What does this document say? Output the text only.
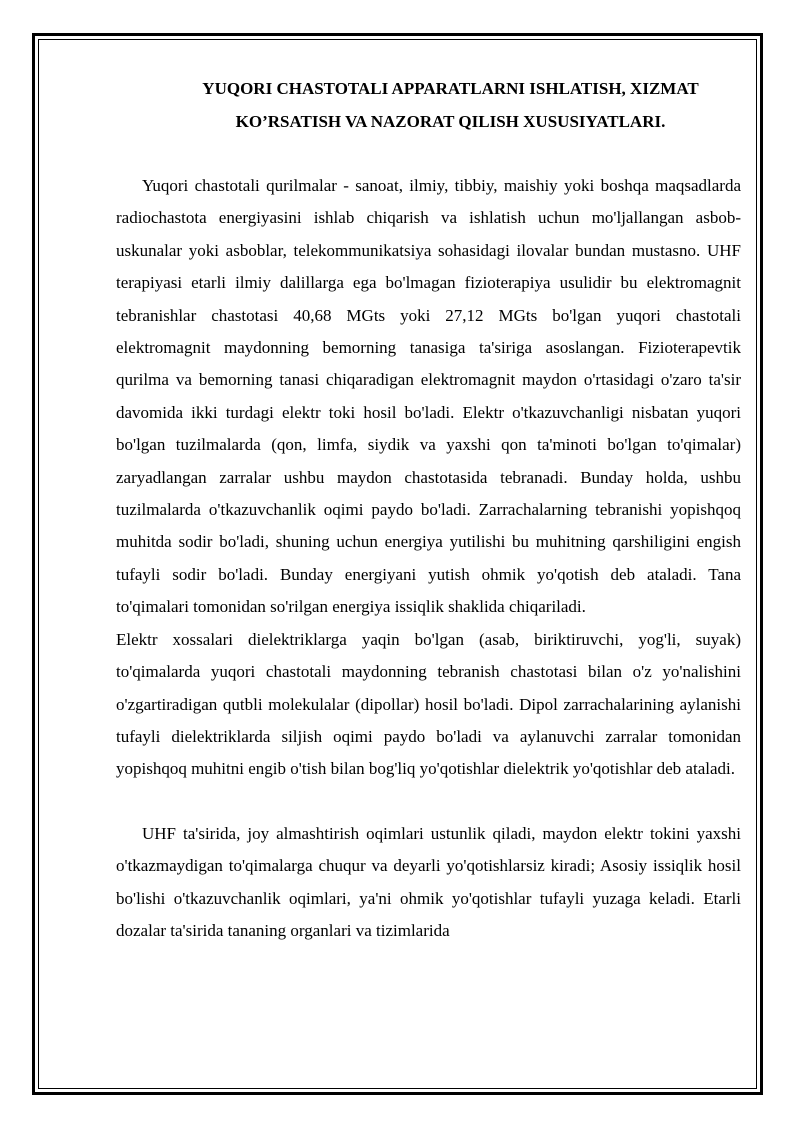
YUQORI CHASTOTALI APPARATLARNI ISHLATISH, XIZMAT
KO’RSATISH VA NAZORAT QILISH XUSUSIYATLARI.

Yuqori chastotali qurilmalar - sanoat, ilmiy, tibbiy, maishiy yoki boshqa maqsadlarda radiochastota energiyasini ishlab chiqarish va ishlatish uchun mo'ljallangan asbob-uskunalar yoki asboblar, telekommunikatsiya sohasidagi ilovalar bundan mustasno. UHF terapiyasi etarli ilmiy dalillarga ega bo'lmagan fizioterapiya usulidir bu elektromagnit tebranishlar chastotasi 40,68 MGts yoki 27,12 MGts bo'lgan yuqori chastotali elektromagnit maydonning bemorning tanasiga ta'siriga asoslangan. Fizioterapevtik qurilma va bemorning tanasi chiqaradigan elektromagnit maydon o'rtasidagi o'zaro ta'sir davomida ikki turdagi elektr toki hosil bo'ladi. Elektr o'tkazuvchanligi nisbatan yuqori bo'lgan tuzilmalarda (qon, limfa, siydik va yaxshi qon ta'minoti bo'lgan to'qimalar) zaryadlangan zarralar ushbu maydon chastotasida tebranadi. Bunday holda, ushbu tuzilmalarda o'tkazuvchanlik oqimi paydo bo'ladi. Zarrachalarning tebranishi yopishqoq muhitda sodir bo'ladi, shuning uchun energiya yutilishi bu muhitning qarshiligini engish tufayli sodir bo'ladi. Bunday energiyani yutish ohmik yo'qotish deb ataladi. Tana to'qimalari tomonidan so'rilgan energiya issiqlik shaklida chiqariladi.

Elektr xossalari dielektriklarga yaqin bo'lgan (asab, biriktiruvchi, yog'li, suyak) to'qimalarda yuqori chastotali maydonning tebranish chastotasi bilan o'z yo'nalishini o'zgartiradigan qutbli molekulalar (dipollar) hosil bo'ladi. Dipol zarrachalarining aylanishi tufayli dielektriklarda siljish oqimi paydo bo'ladi va aylanuvchi zarralar tomonidan yopishqoq muhitni engib o'tish bilan bog'liq yo'qotishlar dielektrik yo'qotishlar deb ataladi.

UHF ta'sirida, joy almashtirish oqimlari ustunlik qiladi, maydon elektr tokini yaxshi o'tkazmaydigan to'qimalarga chuqur va deyarli yo'qotishlarsiz kiradi; Asosiy issiqlik hosil bo'lishi o'tkazuvchanlik oqimlari, ya'ni ohmik yo'qotishlar tufayli yuzaga keladi. Etarli dozalar ta'sirida tananing organlari va tizimlarida
